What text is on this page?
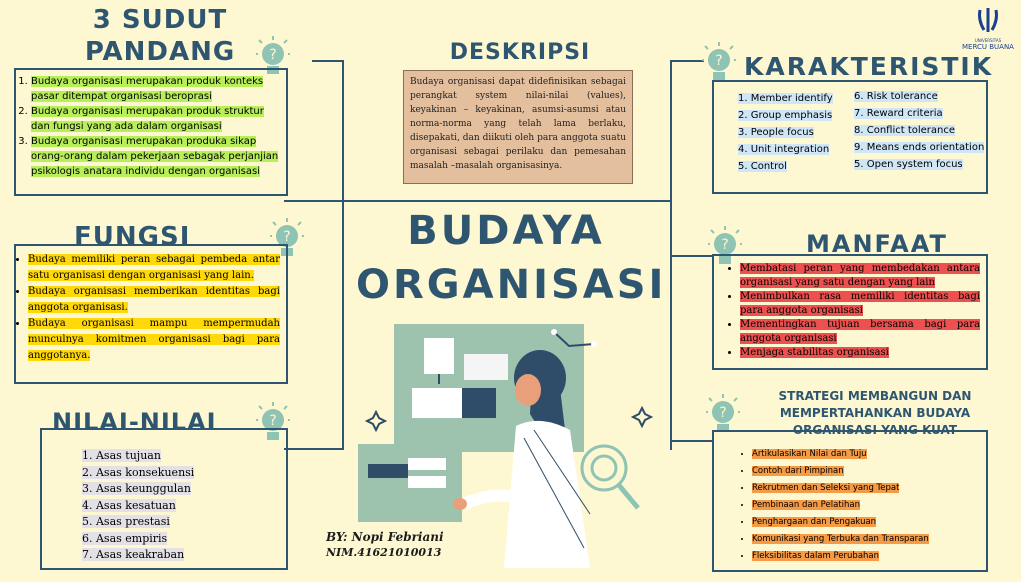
UNIVERSITAS
MERCU BUANA
3 SUDUT
PANDANG	?
1. Budaya organisasi merupakan produk konteks pasar ditempat organisasi beroprasi
2. Budaya organisasi merupakan produk struktur dan fungsi yang ada dalam organisasi
3. Budaya organisasi merupakan produka sikap orang-orang dalam pekerjaan sebagak perjanjian psikologis anatara individu dengan organisasi
DESKRIPSI
Budaya organisasi dapat didefinisikan sebagai perangkat system nilai-nilai (values), keyakinan – keyakinan, asumsi-asumsi atau norma-norma yang telah lama berlaku, disepakati, dan diikuti oleh para anggota suatu organisasi sebagai perilaku dan pemesahan masalah –masalah organisasinya.
? KARAKTERISTIK
1. Member identify
2. Group emphasis
3. People focus
4. Unit integration
5. Control
6. Risk tolerance
7. Reward criteria
8. Conflict tolerance
9. Means ends orientation
5. Open system focus
BUDAYA
ORGANISASI
FUNGSI	?
• Budaya memiliki peran sebagai pembeda antar satu organisasi dengan organisasi yang lain.
• Budaya organisasi memberikan identitas bagi anggota organisasi.
• Budaya organisasi mampu mempermudah munculnya komitmen organisasi bagi para anggotanya.
?	MANFAAT
• Membatasi peran yang membedakan antara organisasi yang satu dengan yang lain
• Menimbulkan rasa memiliki identitas bagi para anggota organisasi
• Mementingkan tujuan bersama bagi para anggota organisasi
• Menjaga stabilitas organisasi
NILAI-NILAI	?
1. Asas tujuan
2. Asas konsekuensi
3. Asas keunggulan
4. Asas kesatuan
5. Asas prestasi
6. Asas empiris
7. Asas keakraban
?
STRATEGI MEMBANGUN DAN
MEMPERTAHANKAN BUDAYA
ORGANISASI YANG KUAT
• Artikulasikan Nilai dan Tuju
• Contoh dari Pimpinan
• Rekrutmen dan Seleksi yang Tepat
• Pembinaan dan Pelatihan
• Penghargaan dan Pengakuan
• Komunikasi yang Terbuka dan Transparan
• Fleksibilitas dalam Perubahan
BY: Nopi Febriani
NIM.41621010013
